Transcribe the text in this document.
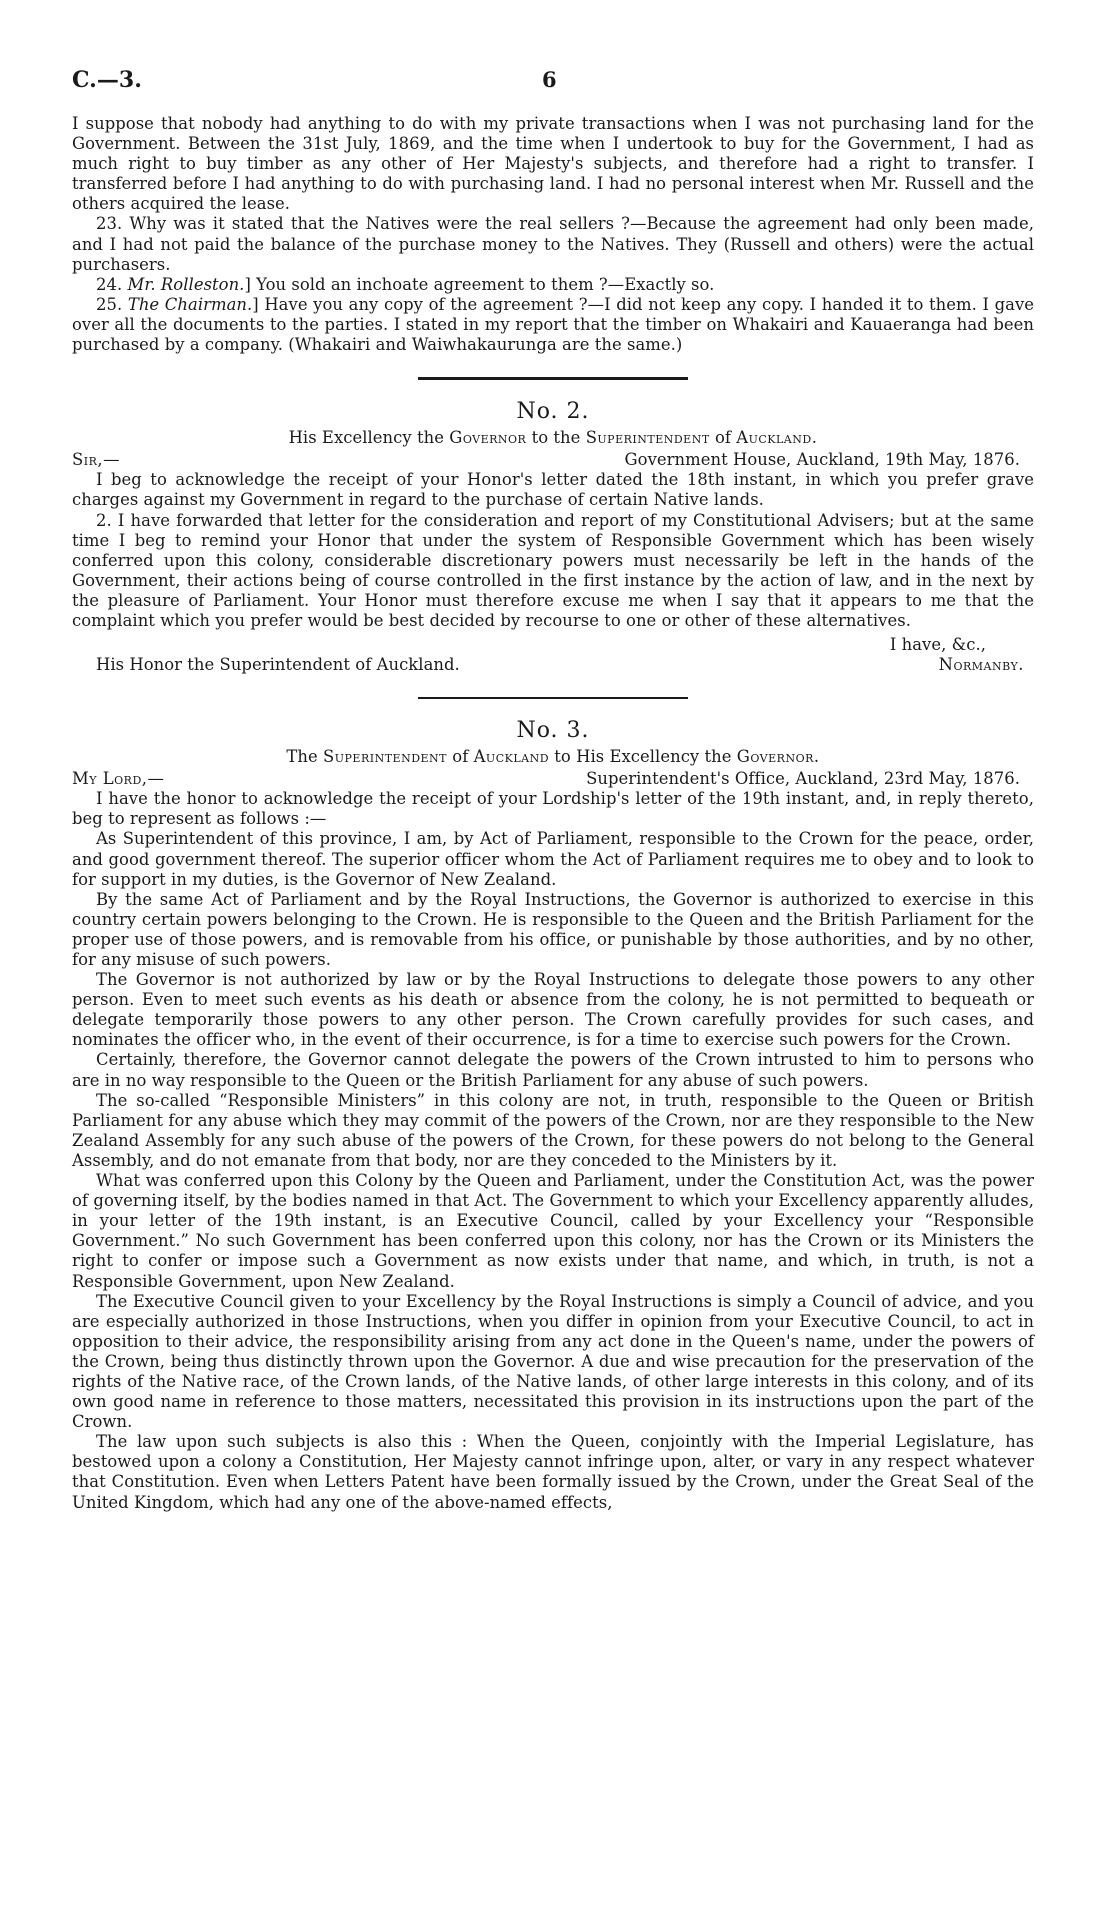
C.—3.	6

I suppose that nobody had anything to do with my private transactions when I was not purchasing land for the Government. Between the 31st July, 1869, and the time when I undertook to buy for the Government, I had as much right to buy timber as any other of Her Majesty's subjects, and therefore had a right to transfer. I transferred before I had anything to do with purchasing land. I had no personal interest when Mr. Russell and the others acquired the lease.

23. Why was it stated that the Natives were the real sellers ?—Because the agreement had only been made, and I had not paid the balance of the purchase money to the Natives. They (Russell and others) were the actual purchasers.

24. Mr. Rolleston.] You sold an inchoate agreement to them ?—Exactly so.

25. The Chairman.] Have you any copy of the agreement ?—I did not keep any copy. I handed it to them. I gave over all the documents to the parties. I stated in my report that the timber on Whakairi and Kauaeranga had been purchased by a company. (Whakairi and Waiwhakaurunga are the same.)

No. 2.
His Excellency the Governor to the Superintendent of Auckland.
Sir,—	Government House, Auckland, 19th May, 1876.

I beg to acknowledge the receipt of your Honor's letter dated the 18th instant, in which you prefer grave charges against my Government in regard to the purchase of certain Native lands.

2. I have forwarded that letter for the consideration and report of my Constitutional Advisers; but at the same time I beg to remind your Honor that under the system of Responsible Government which has been wisely conferred upon this colony, considerable discretionary powers must necessarily be left in the hands of the Government, their actions being of course controlled in the first instance by the action of law, and in the next by the pleasure of Parliament. Your Honor must therefore excuse me when I say that it appears to me that the complaint which you prefer would be best decided by recourse to one or other of these alternatives.

I have, &c.,
His Honor the Superintendent of Auckland.	Normanby.
No. 3.
The Superintendent of Auckland to His Excellency the Governor.
My Lord,—	Superintendent's Office, Auckland, 23rd May, 1876.

I have the honor to acknowledge the receipt of your Lordship's letter of the 19th instant, and, in reply thereto, beg to represent as follows :—

As Superintendent of this province, I am, by Act of Parliament, responsible to the Crown for the peace, order, and good government thereof. The superior officer whom the Act of Parliament requires me to obey and to look to for support in my duties, is the Governor of New Zealand.

By the same Act of Parliament and by the Royal Instructions, the Governor is authorized to exercise in this country certain powers belonging to the Crown. He is responsible to the Queen and the British Parliament for the proper use of those powers, and is removable from his office, or punishable by those authorities, and by no other, for any misuse of such powers.

The Governor is not authorized by law or by the Royal Instructions to delegate those powers to any other person. Even to meet such events as his death or absence from the colony, he is not permitted to bequeath or delegate temporarily those powers to any other person. The Crown carefully provides for such cases, and nominates the officer who, in the event of their occurrence, is for a time to exercise such powers for the Crown.

Certainly, therefore, the Governor cannot delegate the powers of the Crown intrusted to him to persons who are in no way responsible to the Queen or the British Parliament for any abuse of such powers.

The so-called “Responsible Ministers” in this colony are not, in truth, responsible to the Queen or British Parliament for any abuse which they may commit of the powers of the Crown, nor are they responsible to the New Zealand Assembly for any such abuse of the powers of the Crown, for these powers do not belong to the General Assembly, and do not emanate from that body, nor are they conceded to the Ministers by it.

What was conferred upon this Colony by the Queen and Parliament, under the Constitution Act, was the power of governing itself, by the bodies named in that Act. The Government to which your Excellency apparently alludes, in your letter of the 19th instant, is an Executive Council, called by your Excellency your “Responsible Government.” No such Government has been conferred upon this colony, nor has the Crown or its Ministers the right to confer or impose such a Government as now exists under that name, and which, in truth, is not a Responsible Government, upon New Zealand.

The Executive Council given to your Excellency by the Royal Instructions is simply a Council of advice, and you are especially authorized in those Instructions, when you differ in opinion from your Executive Council, to act in opposition to their advice, the responsibility arising from any act done in the Queen's name, under the powers of the Crown, being thus distinctly thrown upon the Governor. A due and wise precaution for the preservation of the rights of the Native race, of the Crown lands, of the Native lands, of other large interests in this colony, and of its own good name in reference to those matters, necessitated this provision in its instructions upon the part of the Crown.

The law upon such subjects is also this : When the Queen, conjointly with the Imperial Legislature, has bestowed upon a colony a Constitution, Her Majesty cannot infringe upon, alter, or vary in any respect whatever that Constitution. Even when Letters Patent have been formally issued by the Crown, under the Great Seal of the United Kingdom, which had any one of the above-named effects,
